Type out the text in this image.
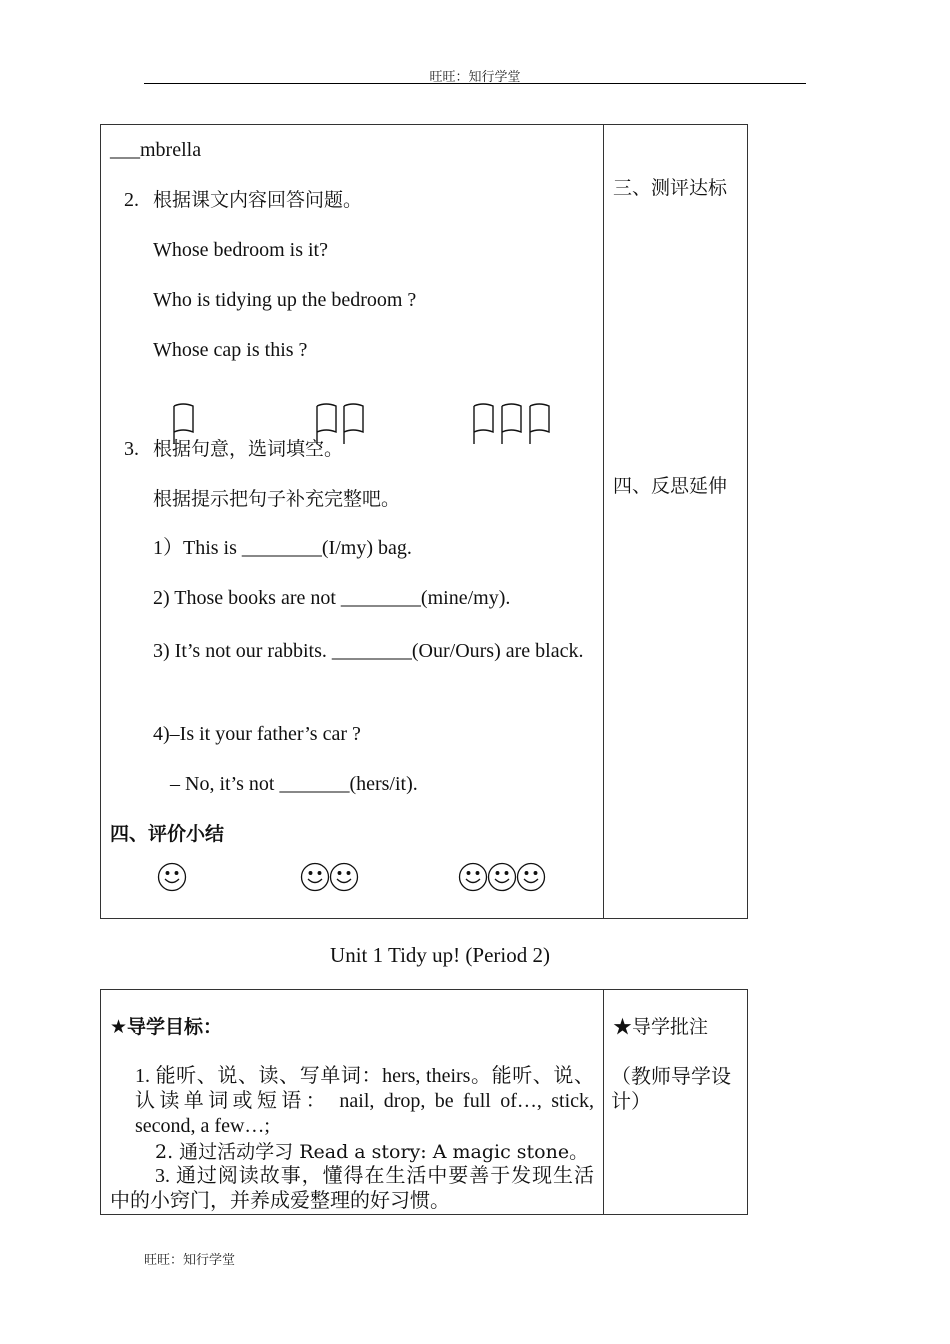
旺旺：知行学堂
___mbrella
2. 根据课文内容回答问题。
Whose bedroom is it?
Who is tidying up the bedroom ?
Whose cap is this ?
3. 根据句意，选词填空。
根据提示把句子补充完整吧。
1）This is ________(I/my) bag.
2) Those books are not ________(mine/my).
3) It’s not our rabbits. ________(Our/Ours) are black.
4)–Is it your father’s car ?
– No, it’s not _______(hers/it).
四、评价小结
三、测评达标
四、反思延伸
Unit 1 Tidy up! (Period 2)
★导学目标：
1. 能听、说、读、写单词：hers, theirs。能听、说、认读单词或短语： nail, drop, be full of…, stick, second, a few…;
2. 通过活动学习 Read a story: A magic stone。
3. 通过阅读故事，懂得在生活中要善于发现生活中的小窍门，并养成爱整理的好习惯。
★导学批注
（教师导学设计）
旺旺：知行学堂
